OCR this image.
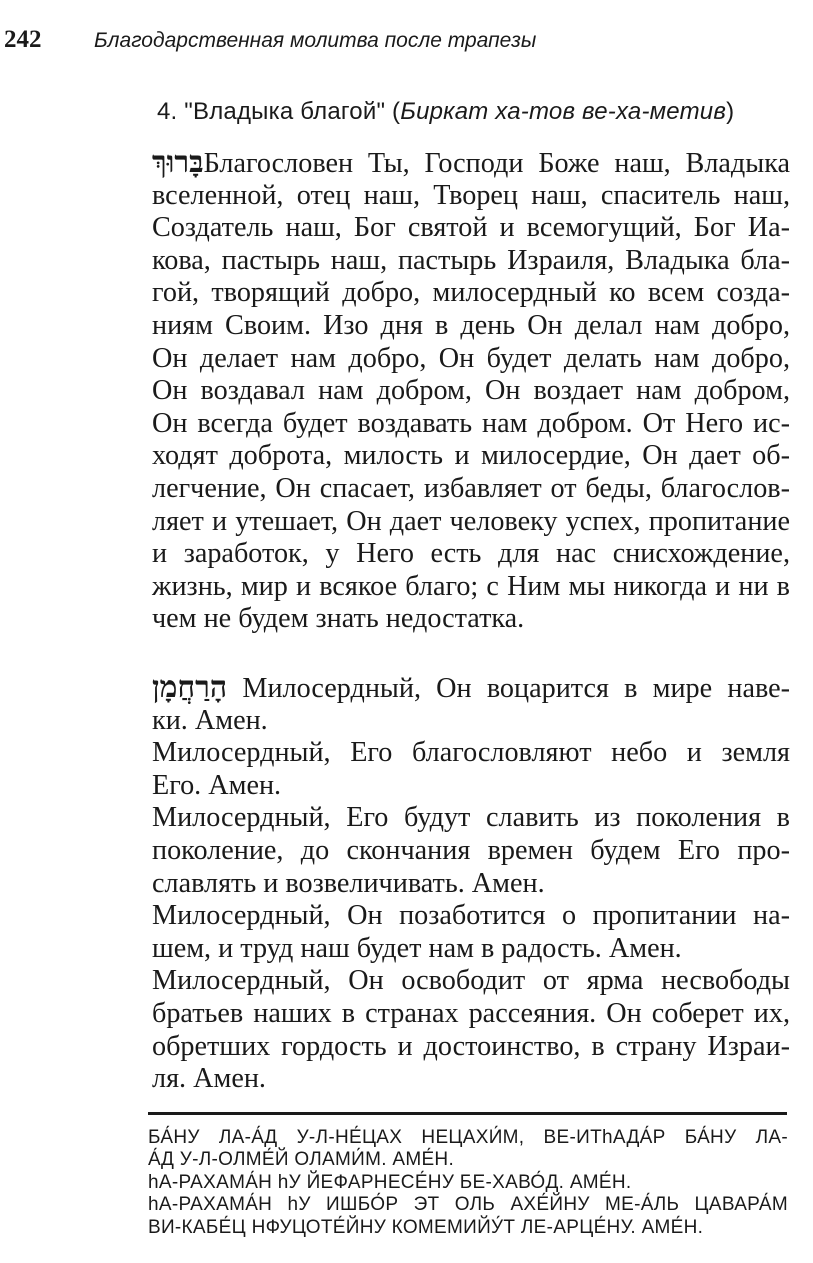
242	Благодарственная молитва после трапезы
4. "Владыка благой" (Биркат ха-тов ве-ха-метив)
בָּרוּךְБлагословен Ты, Господи Боже наш, Владыка
вселенной, отец наш, Творец наш, спаситель наш,
Создатель наш, Бог святой и всемогущий, Бог Иа-
кова, пастырь наш, пастырь Израиля, Владыка бла-
гой, творящий добро, милосердный ко всем созда-
ниям Своим. Изо дня в день Он делал нам добро,
Он делает нам добро, Он будет делать нам добро,
Он воздавал нам добром, Он воздает нам добром,
Он всегда будет воздавать нам добром. От Него ис-
ходят доброта, милость и милосердие, Он дает об-
легчение, Он спасает, избавляет от беды, благослов-
ляет и утешает, Он дает человеку успех, пропитание
и заработок, у Него есть для нас снисхождение,
жизнь, мир и всякое благо; с Ним мы никогда и ни в
чем не будем знать недостатка.
הָרַחֲמָן Милосердный, Он воцарится в мире наве-
ки. Амен.
Милосердный, Его благословляют небо и земля
Его. Амен.
Милосердный, Его будут славить из поколения в
поколение, до скончания времен будем Его про-
славлять и возвеличивать. Амен.
Милосердный, Он позаботится о пропитании на-
шем, и труд наш будет нам в радость. Амен.
Милосердный, Он освободит от ярма несвободы
братьев наших в странах рассеяния. Он соберет их,
обретших гордость и достоинство, в страну Израи-
ля. Амен.
БА́НУ ЛА-А́Д У-Л-НЕ́ЦАХ НЕЦАХИ́М, ВЕ-ИТhАДА́Р БА́НУ ЛА-
А́Д У-Л-ОЛМЕ́Й ОЛАМИ́М. АМЕ́Н.
hА-РАХАМА́Н hУ ЙЕФАРНЕСЕ́НУ БЕ-ХАВО́Д. АМЕ́Н.
hА-РАХАМА́Н hУ ИШБО́Р ЭТ ОЛЬ АХЕ́ЙНУ МЕ-А́ЛЬ ЦАВАРА́М
ВИ-КАБЕ́Ц НФУЦОТЕ́ЙНУ КОМЕМИЙУ́Т ЛЕ-АРЦЕ́НУ. АМЕ́Н.
